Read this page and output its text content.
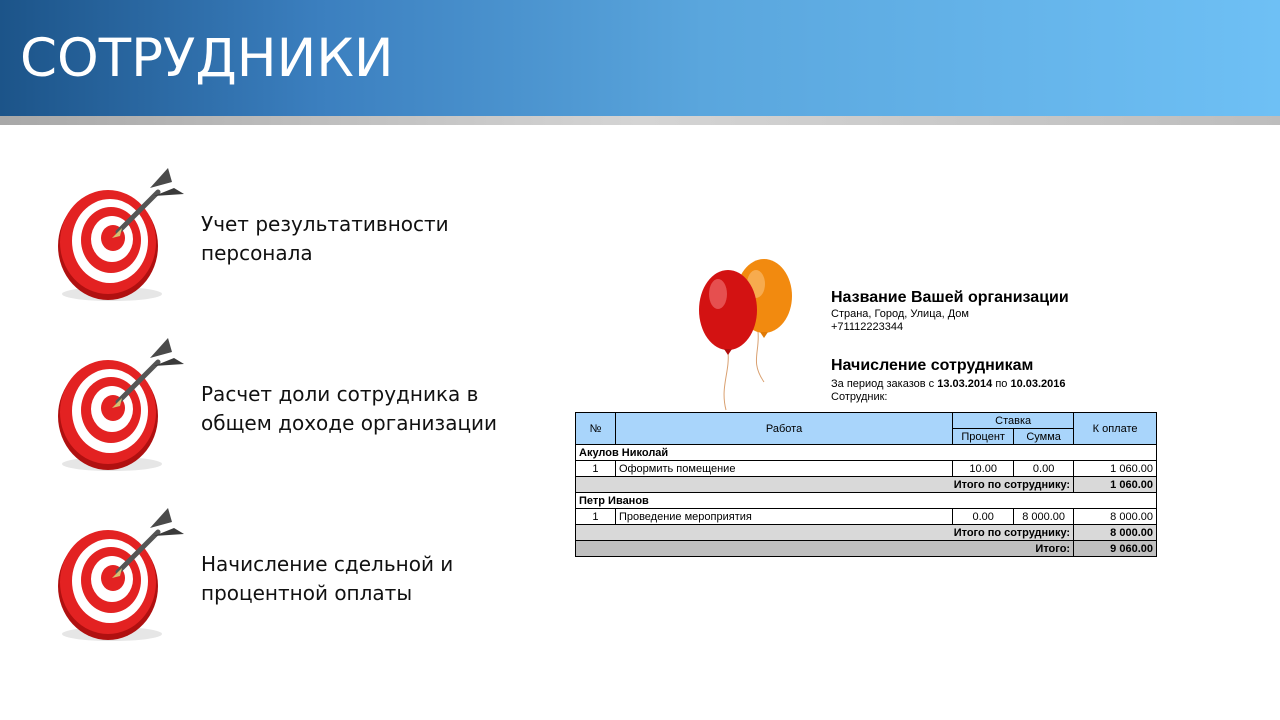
СОТРУДНИКИ
Учет результативности
персонала
Расчет доли сотрудника в
общем доходе организации
Начисление сдельной и
процентной оплаты
Название Вашей организации
Страна, Город, Улица, Дом
+71112223344
Начисление сотрудникам
За период заказов с 13.03.2014 по 10.03.2016
Сотрудник:
№	Работа	Ставка		К оплате
		Процент	Сумма	
Акулов Николай				
1	Оформить помещение	10.00	0.00	1 060.00
Итого по сотруднику:				1 060.00
Петр Иванов				
1	Проведение мероприятия	0.00	8 000.00	8 000.00
Итого по сотруднику:				8 000.00
Итого:				9 060.00
